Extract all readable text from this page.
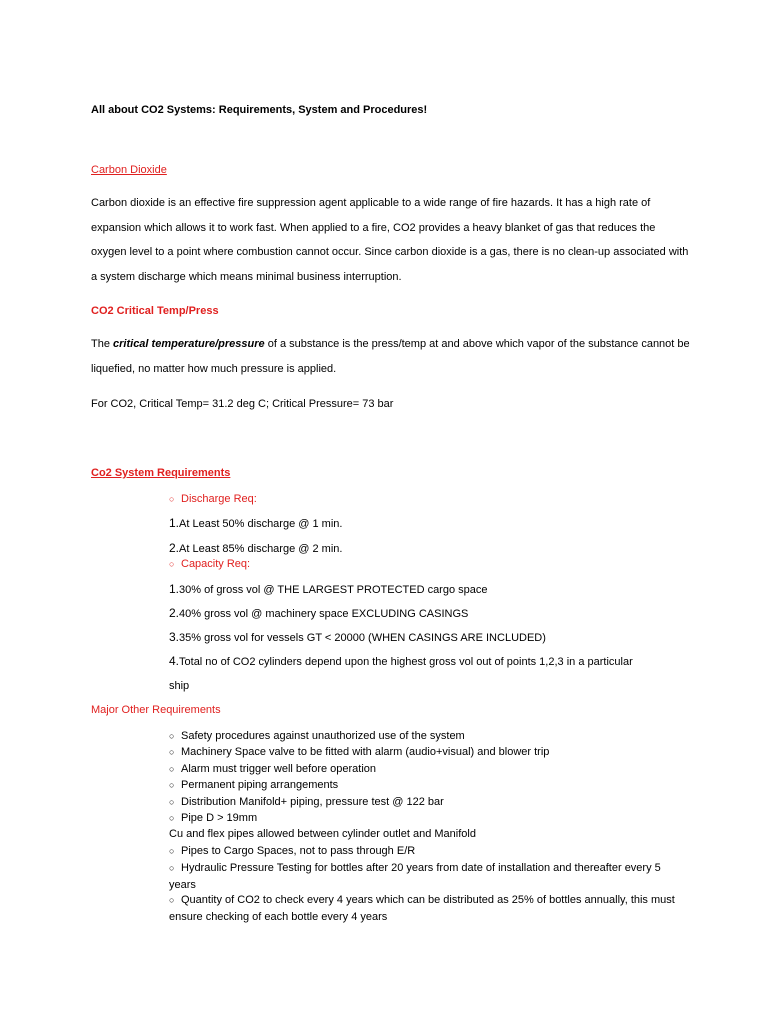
All about CO2 Systems: Requirements, System and Procedures!
Carbon Dioxide
Carbon dioxide is an effective fire suppression agent applicable to a wide range of fire hazards. It has a high rate of expansion which allows it to work fast. When applied to a fire, CO2 provides a heavy blanket of gas that reduces the oxygen level to a point where combustion cannot occur. Since carbon dioxide is a gas, there is no clean-up associated with a system discharge which means minimal business interruption.
CO2 Critical Temp/Press
The critical temperature/pressure of a substance is the press/temp at and above which vapor of the substance cannot be liquefied, no matter how much pressure is applied.
For CO2, Critical Temp= 31.2 deg C; Critical Pressure= 73 bar
Co2 System Requirements
○ Discharge Req:
1.At Least 50% discharge @ 1 min.
2.At Least 85% discharge @ 2 min.
○ Capacity Req:
1.30% of gross vol @ THE LARGEST PROTECTED cargo space
2.40% gross vol @ machinery space EXCLUDING CASINGS
3.35% gross vol for vessels GT < 20000 (WHEN CASINGS ARE INCLUDED)
4.Total no of CO2 cylinders depend upon the highest gross vol out of points 1,2,3 in a particular
ship
Major Other Requirements
○ Safety procedures against unauthorized use of the system
○ Machinery Space valve to be fitted with alarm (audio+visual) and blower trip
○ Alarm must trigger well before operation
○ Permanent piping arrangements
○ Distribution Manifold+ piping, pressure test @ 122 bar
○ Pipe D > 19mm
Cu and flex pipes allowed between cylinder outlet and Manifold
○ Pipes to Cargo Spaces, not to pass through E/R
○ Hydraulic Pressure Testing for bottles after 20 years from date of installation and thereafter every 5 years
○ Quantity of CO2 to check every 4 years which can be distributed as 25% of bottles annually, this must ensure checking of each bottle every 4 years
